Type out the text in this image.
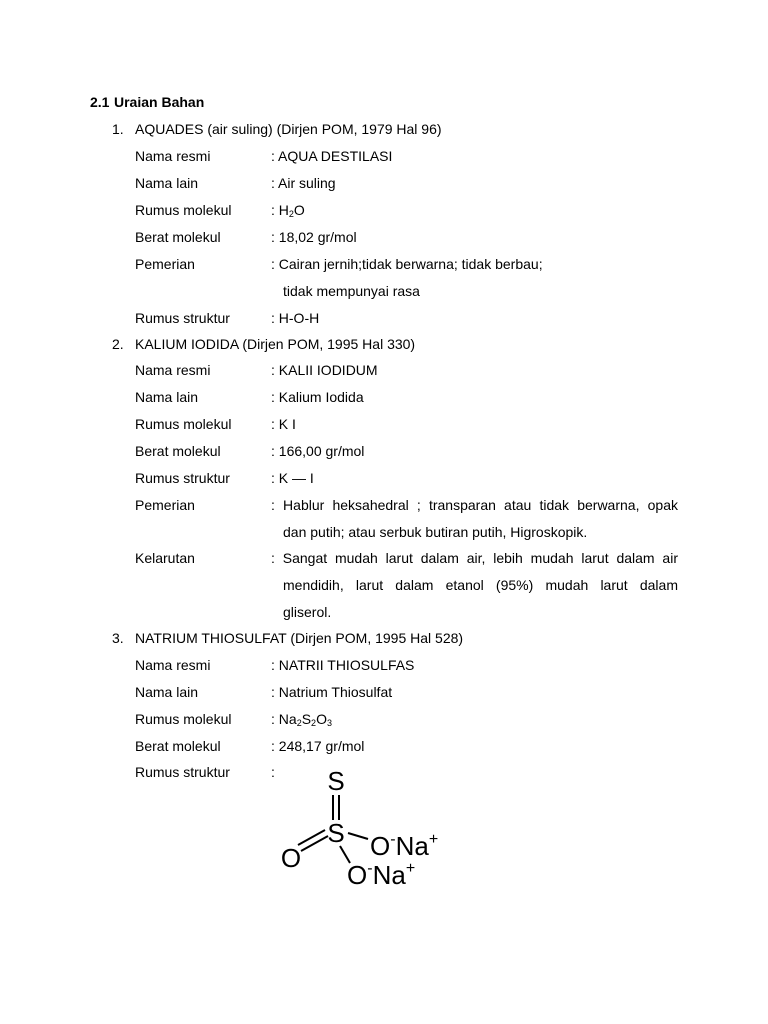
2.1 Uraian Bahan
1. AQUADES (air suling) (Dirjen POM, 1979 Hal 96)
Nama resmi	: AQUA DESTILASI
Nama lain	: Air suling
Rumus molekul	: $H_2O$
Berat molekul	: 18,02 gr/mol
Pemerian	: Cairan jernih;tidak berwarna; tidak berbau;
tidak mempunyai rasa
Rumus struktur	: H-O-H
2. KALIUM IODIDA (Dirjen POM, 1995 Hal 330)
Nama resmi	: KALII IODIDUM
Nama lain	: Kalium Iodida
Rumus molekul	: K I
Berat molekul	: 166,00 gr/mol
Rumus struktur	: K — I
Pemerian	: Hablur heksahedral ; transparan atau tidak berwarna, opak
dan putih; atau serbuk butiran putih, Higroskopik.
Kelarutan	: Sangat mudah larut dalam air, lebih mudah larut dalam air
mendidih, larut dalam etanol (95%) mudah larut dalam
gliserol.
3. NATRIUM THIOSULFAT (Dirjen POM, 1995 Hal 528)
Nama resmi	: NATRII THIOSULFAS
Nama lain	: Natrium Thiosulfat
Rumus molekul	: $Na_2S_2O_3$
Berat molekul	: 248,17 gr/mol
Rumus struktur	: S
S
O	O-Na+
O-Na+
